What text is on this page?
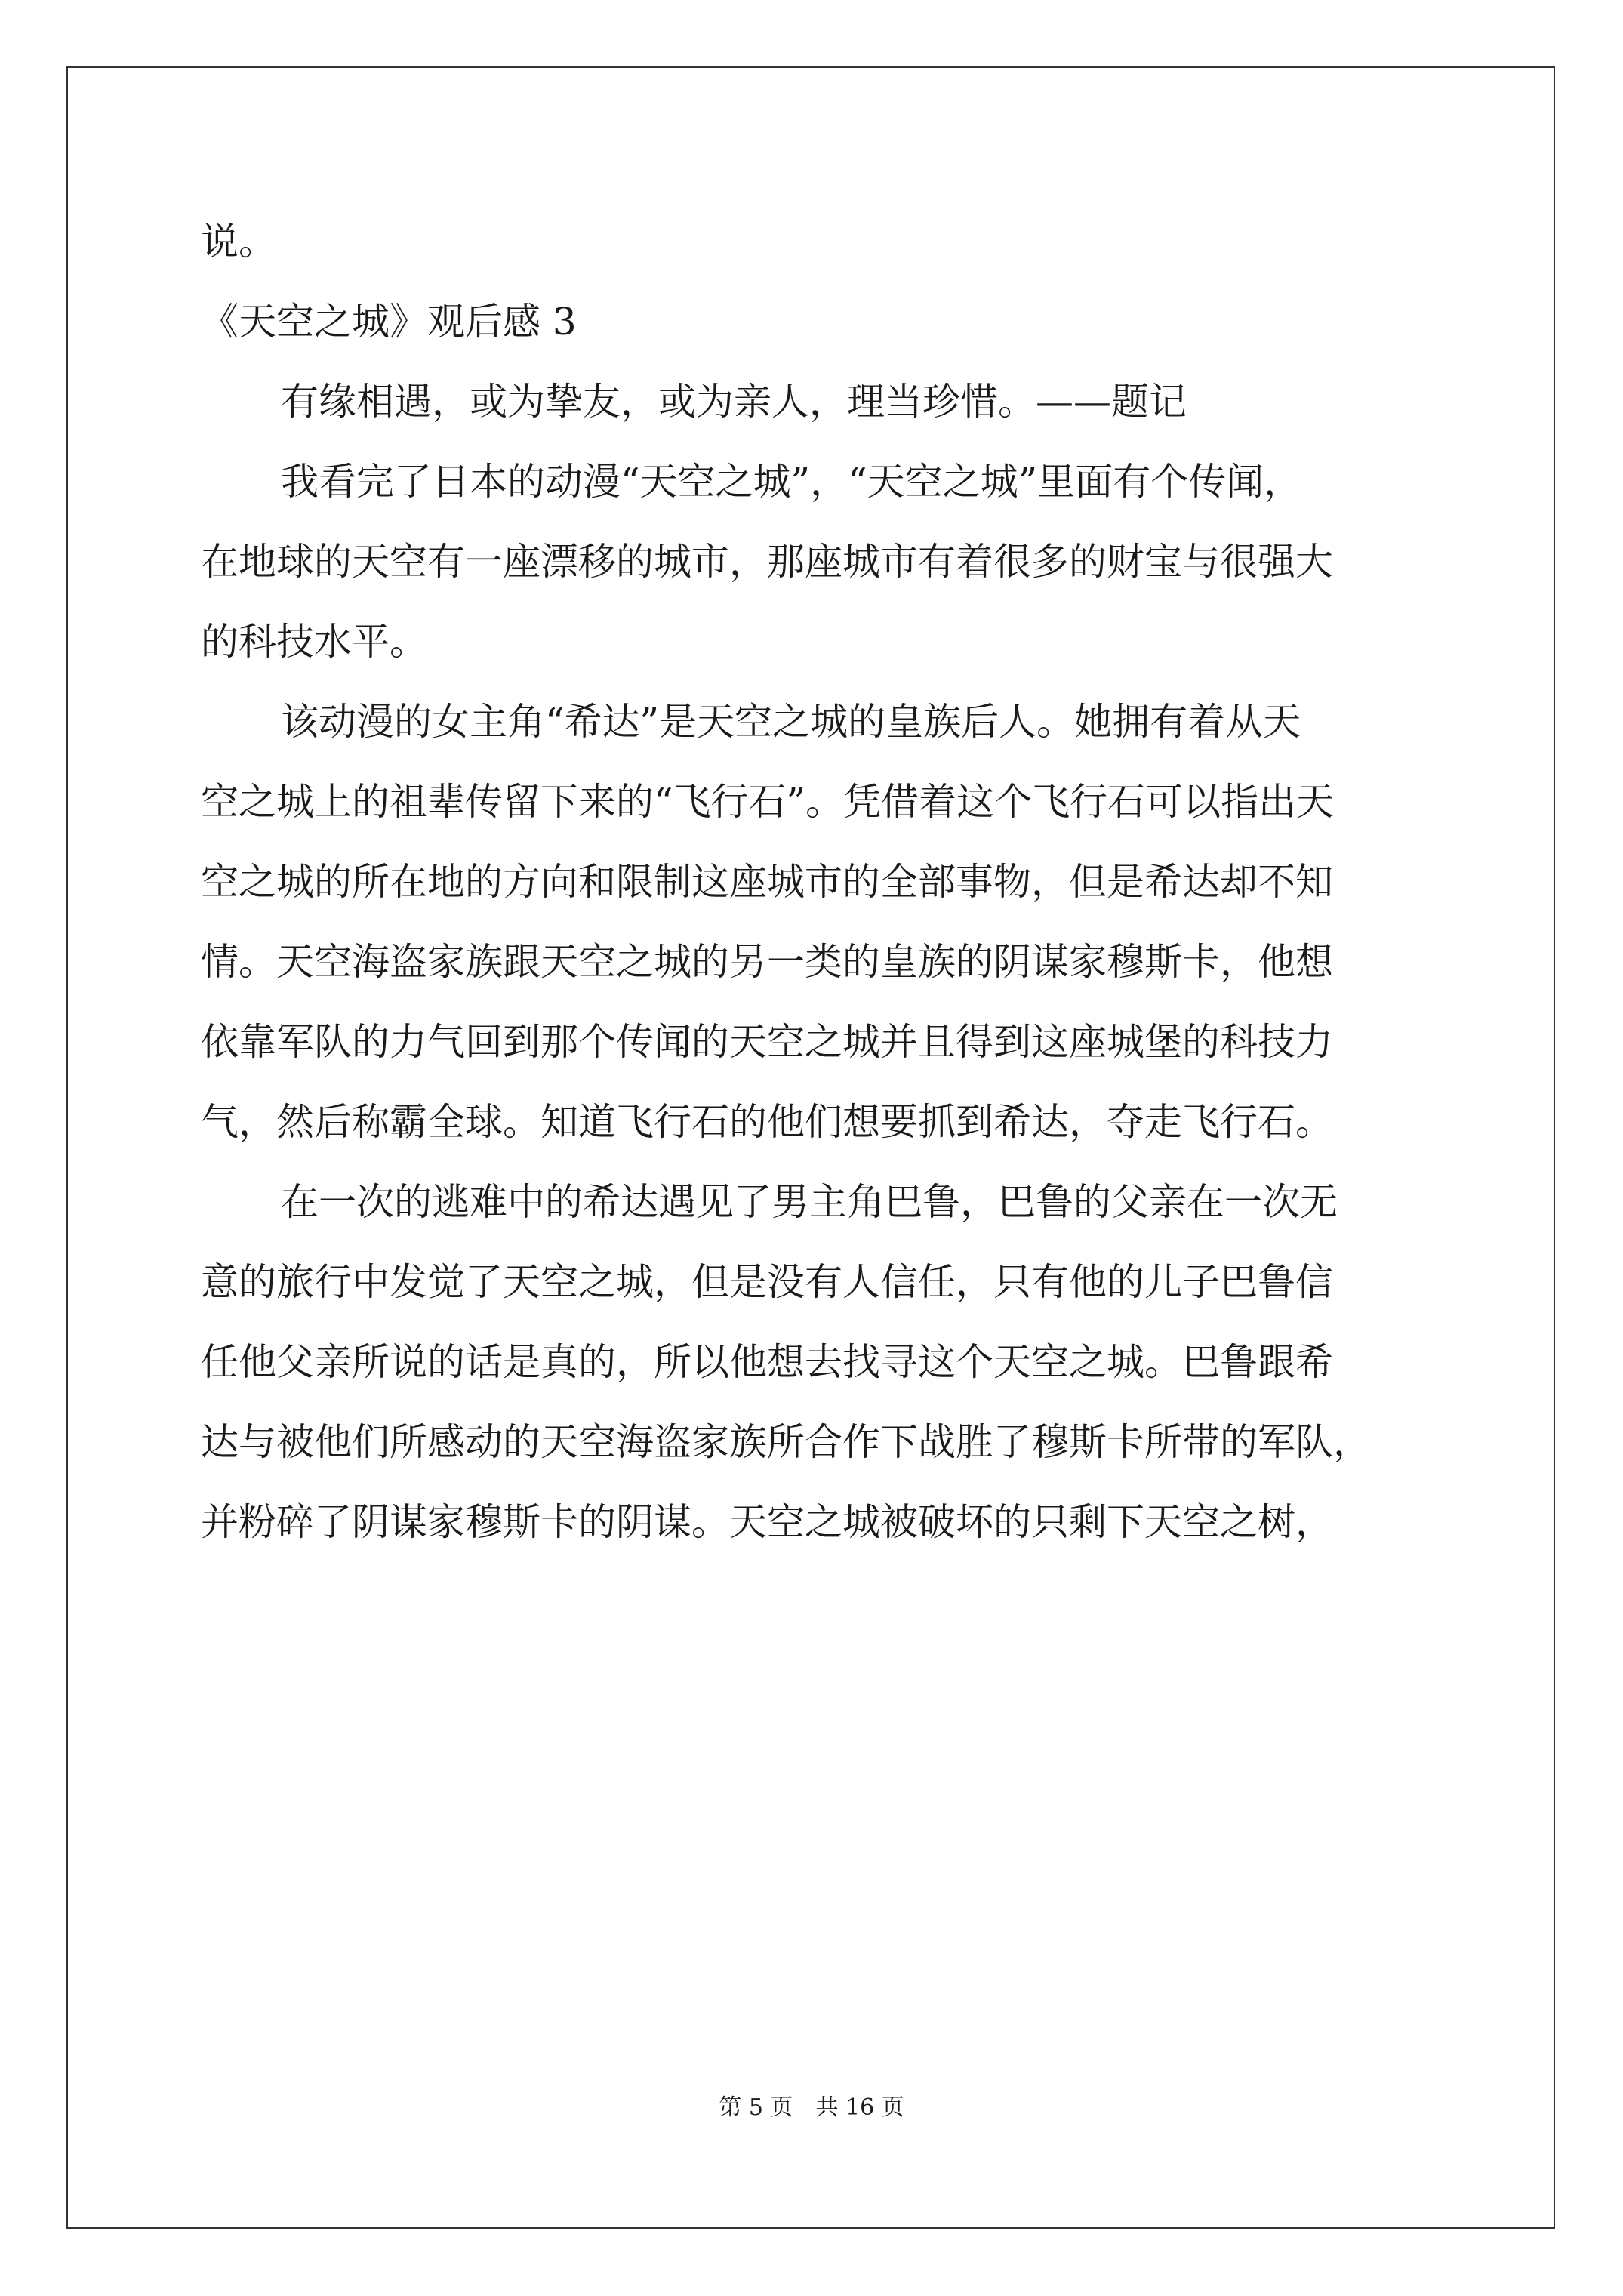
说。
《天空之城》观后感 3
有缘相遇，或为挚友，或为亲人，理当珍惜。——题记
我看完了日本的动漫“天空之城”，“天空之城”里面有个传闻，
在地球的天空有一座漂移的城市，那座城市有着很多的财宝与很强大
的科技水平。
该动漫的女主角“希达”是天空之城的皇族后人。她拥有着从天
空之城上的祖辈传留下来的“飞行石”。凭借着这个飞行石可以指出天
空之城的所在地的方向和限制这座城市的全部事物，但是希达却不知
情。天空海盗家族跟天空之城的另一类的皇族的阴谋家穆斯卡，他想
依靠军队的力气回到那个传闻的天空之城并且得到这座城堡的科技力
气，然后称霸全球。知道飞行石的他们想要抓到希达，夺走飞行石。
在一次的逃难中的希达遇见了男主角巴鲁，巴鲁的父亲在一次无
意的旅行中发觉了天空之城，但是没有人信任，只有他的儿子巴鲁信
任他父亲所说的话是真的，所以他想去找寻这个天空之城。巴鲁跟希
达与被他们所感动的天空海盗家族所合作下战胜了穆斯卡所带的军队，
并粉碎了阴谋家穆斯卡的阴谋。天空之城被破坏的只剩下天空之树，
第 5 页　共 16 页
